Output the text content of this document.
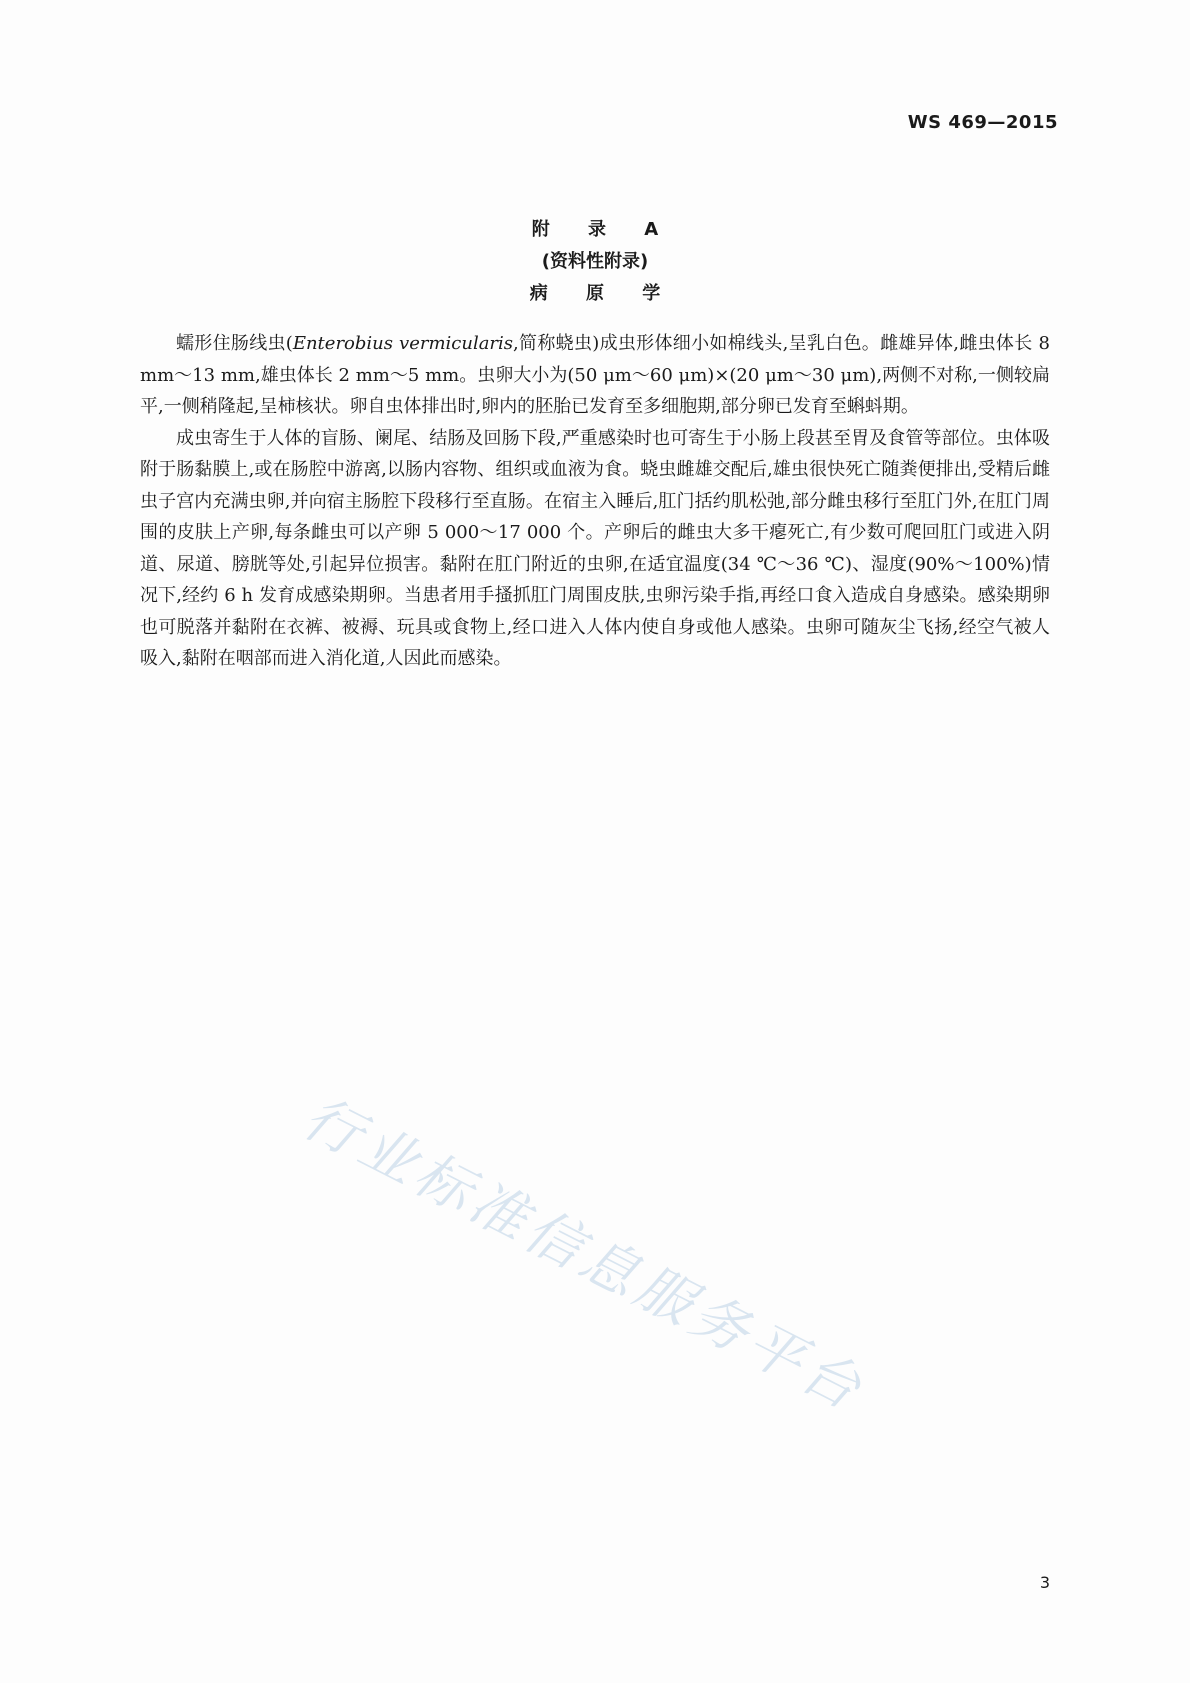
WS 469—2015
附 录 A
(资料性附录)
病 原 学

蠕形住肠线虫(Enterobius vermicularis,简称蛲虫)成虫形体细小如棉线头,呈乳白色。雌雄异体,雌虫体长 8 mm～13 mm,雄虫体长 2 mm～5 mm。虫卵大小为(50 μm～60 μm)×(20 μm～30 μm),两侧不对称,一侧较扁平,一侧稍隆起,呈柿核状。卵自虫体排出时,卵内的胚胎已发育至多细胞期,部分卵已发育至蝌蚪期。

成虫寄生于人体的盲肠、阑尾、结肠及回肠下段,严重感染时也可寄生于小肠上段甚至胃及食管等部位。虫体吸附于肠黏膜上,或在肠腔中游离,以肠内容物、组织或血液为食。蛲虫雌雄交配后,雄虫很快死亡随粪便排出,受精后雌虫子宫内充满虫卵,并向宿主肠腔下段移行至直肠。在宿主入睡后,肛门括约肌松弛,部分雌虫移行至肛门外,在肛门周围的皮肤上产卵,每条雌虫可以产卵 5 000～17 000 个。产卵后的雌虫大多干瘪死亡,有少数可爬回肛门或进入阴道、尿道、膀胱等处,引起异位损害。黏附在肛门附近的虫卵,在适宜温度(34 ℃～36 ℃)、湿度(90%～100%)情况下,经约 6 h 发育成感染期卵。当患者用手搔抓肛门周围皮肤,虫卵污染手指,再经口食入造成自身感染。感染期卵也可脱落并黏附在衣裤、被褥、玩具或食物上,经口进入人体内使自身或他人感染。虫卵可随灰尘飞扬,经空气被人吸入,黏附在咽部而进入消化道,人因此而感染。

行业标准信息服务平台
3
